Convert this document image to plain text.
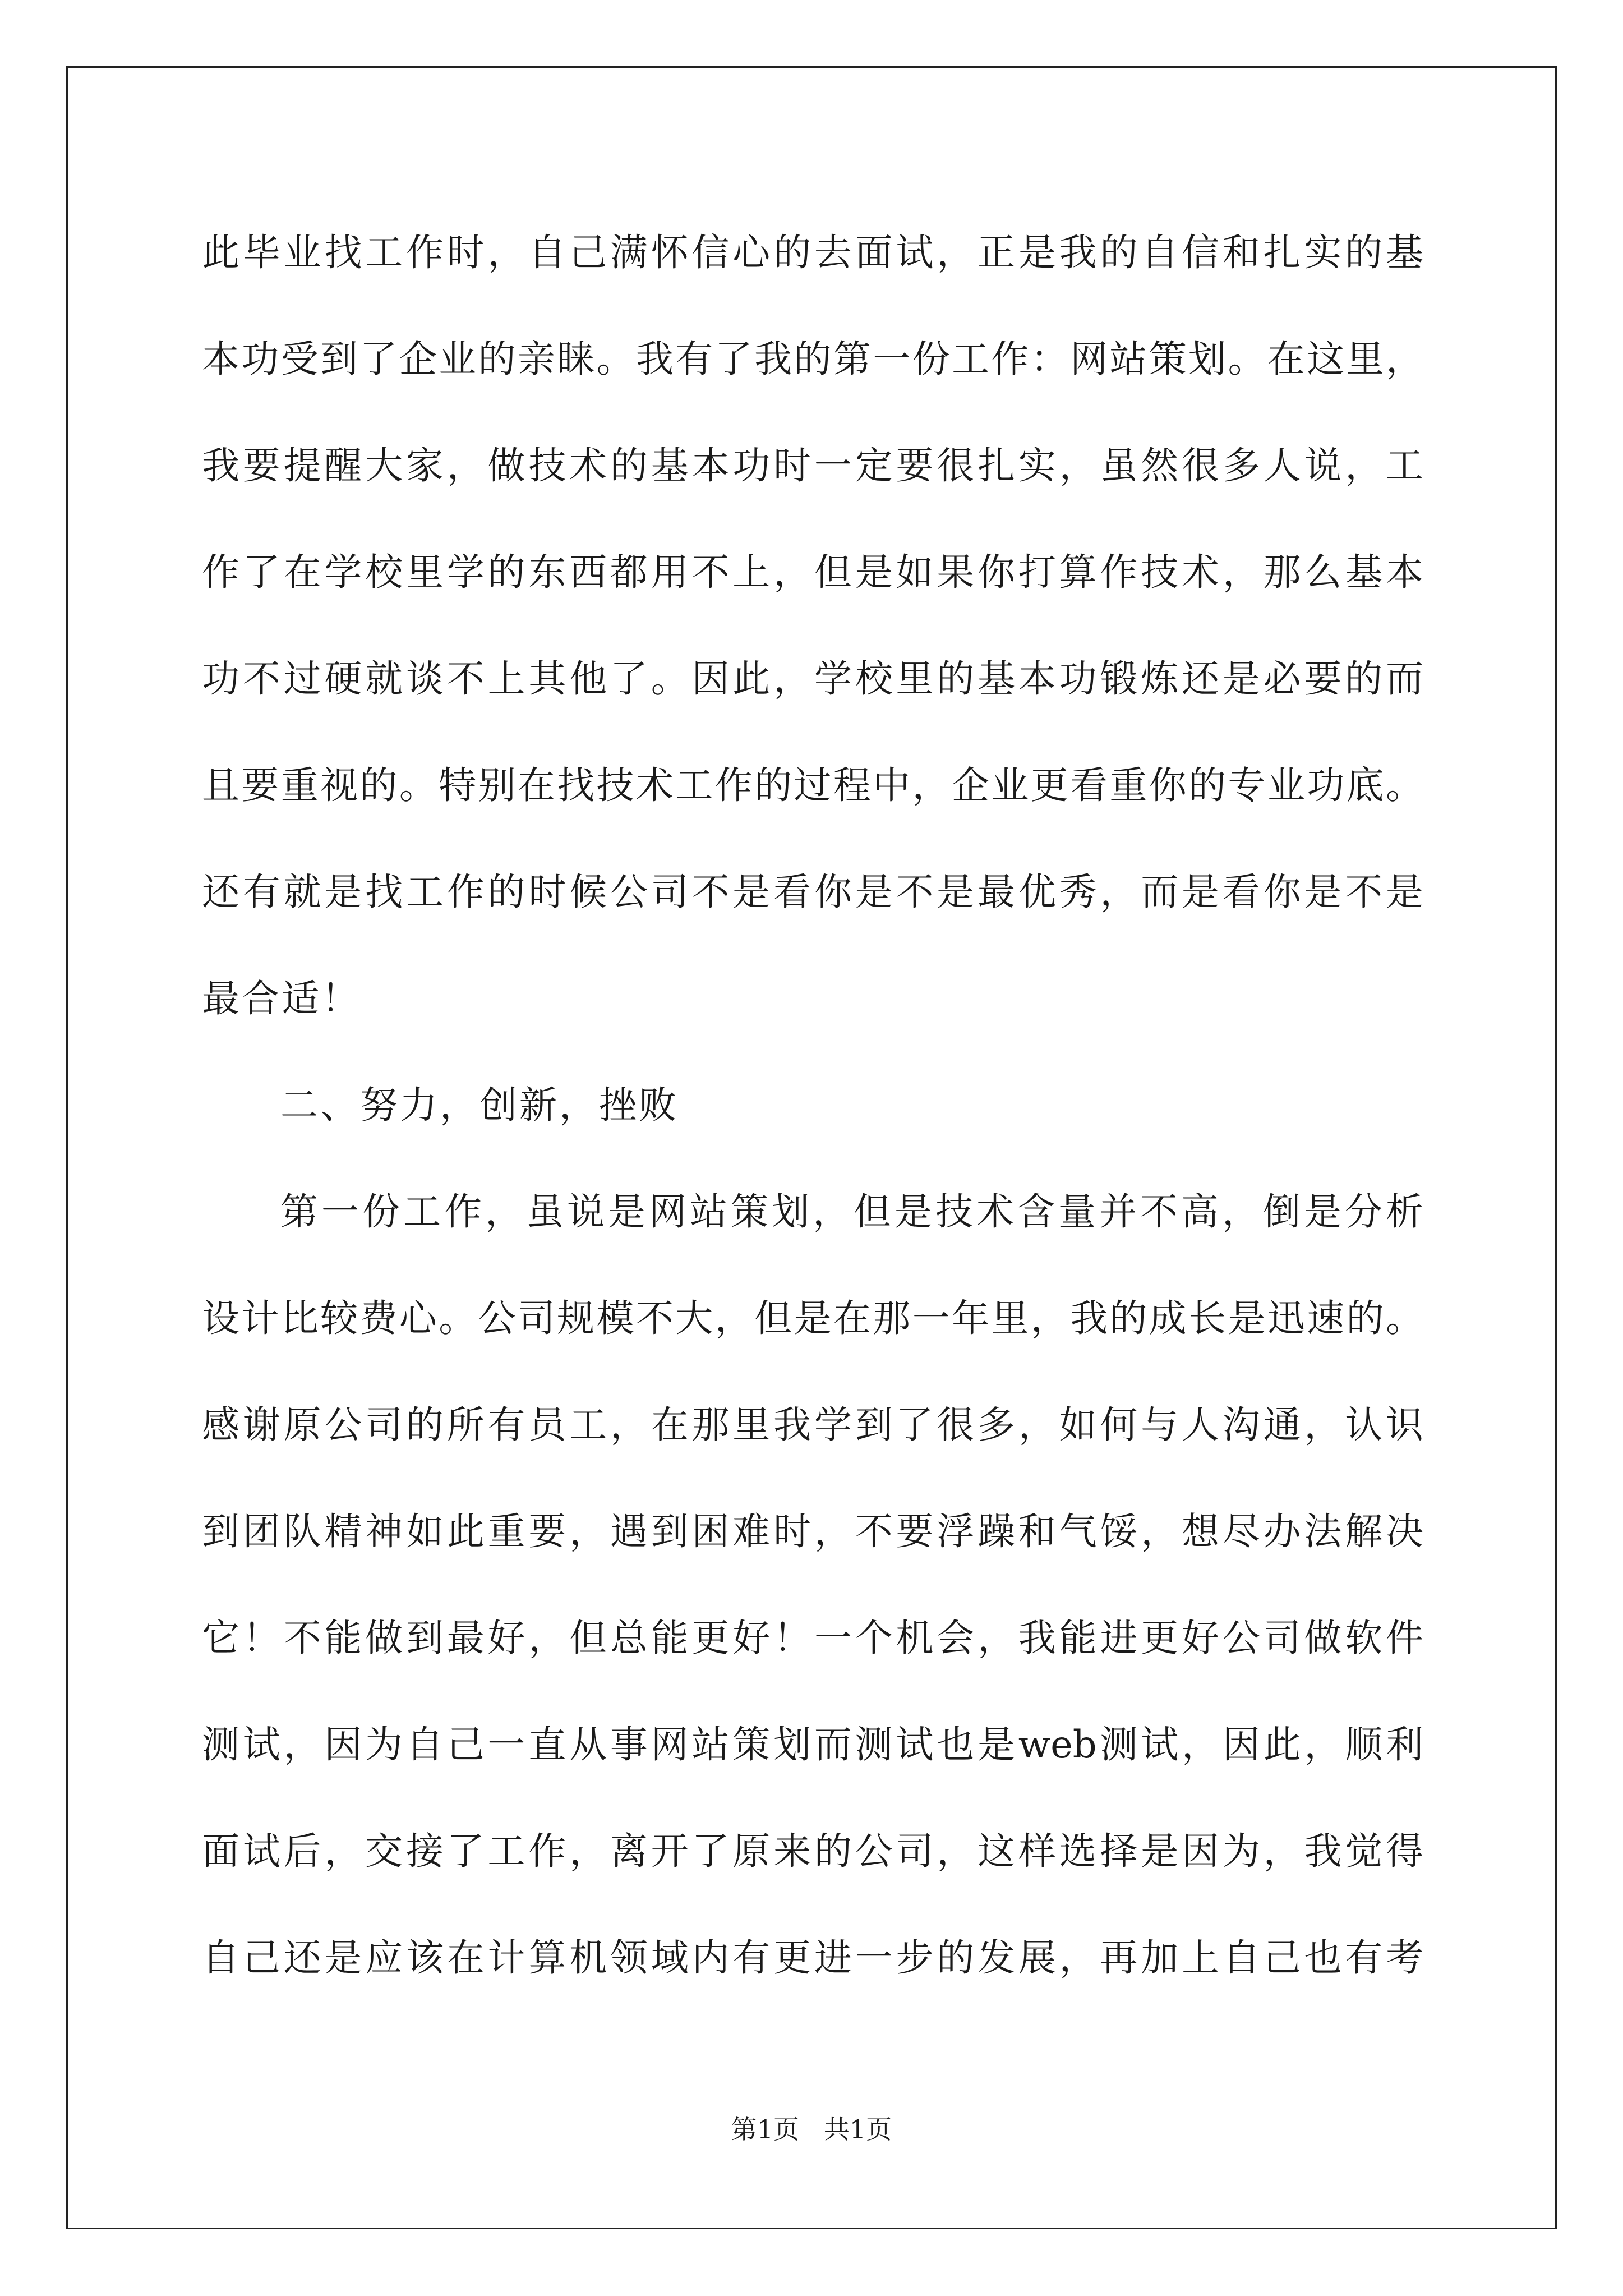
此毕业找工作时，自己满怀信心的去面试，正是我的自信和扎实的基
本功受到了企业的亲睐。我有了我的第一份工作：网站策划。在这里，
我要提醒大家，做技术的基本功时一定要很扎实，虽然很多人说，工
作了在学校里学的东西都用不上，但是如果你打算作技术，那么基本
功不过硬就谈不上其他了。因此，学校里的基本功锻炼还是必要的而
且要重视的。特别在找技术工作的过程中，企业更看重你的专业功底。
还有就是找工作的时候公司不是看你是不是最优秀，而是看你是不是
最合适！
二、努力，创新，挫败
第一份工作，虽说是网站策划，但是技术含量并不高，倒是分析
设计比较费心。公司规模不大，但是在那一年里，我的成长是迅速的。
感谢原公司的所有员工，在那里我学到了很多，如何与人沟通，认识
到团队精神如此重要，遇到困难时，不要浮躁和气馁，想尽办法解决
它！不能做到最好，但总能更好！一个机会，我能进更好公司做软件
测试，因为自己一直从事网站策划而测试也是web测试，因此，顺利
面试后，交接了工作，离开了原来的公司，这样选择是因为，我觉得
自己还是应该在计算机领域内有更进一步的发展，再加上自己也有考
第1页   共1页
